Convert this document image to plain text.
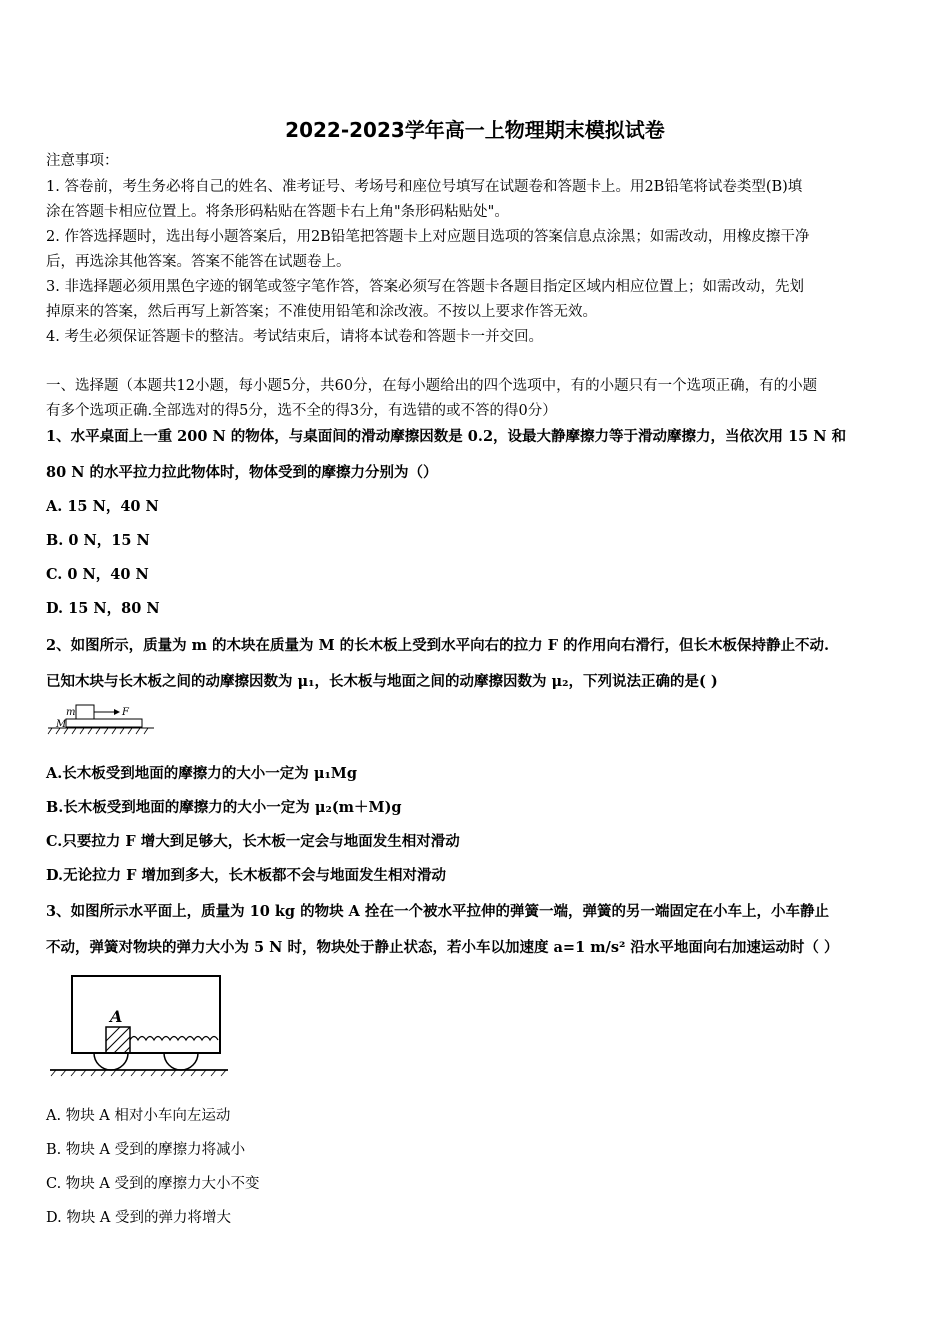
2022-2023学年高一上物理期末模拟试卷
注意事项：
1. 答卷前，考生务必将自己的姓名、准考证号、考场号和座位号填写在试题卷和答题卡上。用2B铅笔将试卷类型(B)填
涂在答题卡相应位置上。将条形码粘贴在答题卡右上角"条形码粘贴处"。
2. 作答选择题时，选出每小题答案后，用2B铅笔把答题卡上对应题目选项的答案信息点涂黑；如需改动，用橡皮擦干净
后，再选涂其他答案。答案不能答在试题卷上。
3. 非选择题必须用黑色字迹的钢笔或签字笔作答，答案必须写在答题卡各题目指定区域内相应位置上；如需改动，先划
掉原来的答案，然后再写上新答案；不准使用铅笔和涂改液。不按以上要求作答无效。
4. 考生必须保证答题卡的整洁。考试结束后，请将本试卷和答题卡一并交回。
一、选择题（本题共12小题，每小题5分，共60分，在每小题给出的四个选项中，有的小题只有一个选项正确，有的小题
有多个选项正确.全部选对的得5分，选不全的得3分，有选错的或不答的得0分）
1、水平桌面上一重 200 N 的物体，与桌面间的滑动摩擦因数是 0.2，设最大静摩擦力等于滑动摩擦力，当依次用 15 N 和
80 N 的水平拉力拉此物体时，物体受到的摩擦力分别为（）
A. 15 N，40 N
B. 0 N，15 N
C. 0 N，40 N
D. 15 N，80 N
2、如图所示，质量为 m 的木块在质量为 M 的长木板上受到水平向右的拉力 F 的作用向右滑行，但长木板保持静止不动.
已知木块与长木板之间的动摩擦因数为 μ₁，长木板与地面之间的动摩擦因数为 μ₂，下列说法正确的是( )
m
M
F
A.长木板受到地面的摩擦力的大小一定为 μ₁Mg
B.长木板受到地面的摩擦力的大小一定为 μ₂(m＋M)g
C.只要拉力 F 增大到足够大，长木板一定会与地面发生相对滑动
D.无论拉力 F 增加到多大，长木板都不会与地面发生相对滑动
3、如图所示水平面上，质量为 10 kg 的物块 A 拴在一个被水平拉伸的弹簧一端，弹簧的另一端固定在小车上，小车静止
不动，弹簧对物块的弹力大小为 5 N 时，物块处于静止状态，若小车以加速度 a=1 m/s² 沿水平地面向右加速运动时（ ）
A
A. 物块 A 相对小车向左运动
B. 物块 A 受到的摩擦力将减小
C. 物块 A 受到的摩擦力大小不变
D. 物块 A 受到的弹力将增大
